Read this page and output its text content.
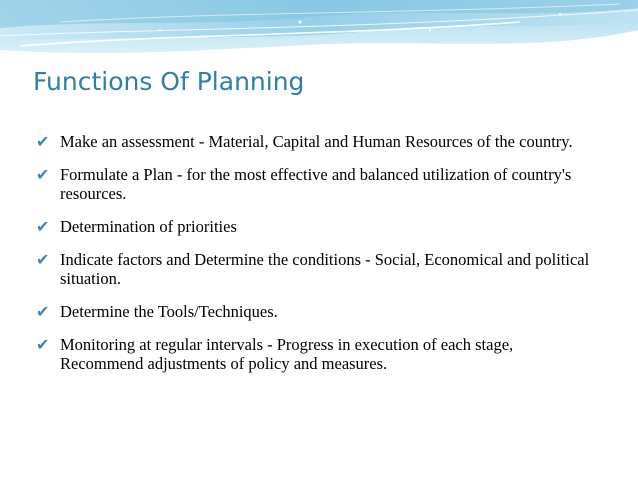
Functions Of Planning
✔ Make an assessment - Material, Capital and Human Resources of the country.
✔ Formulate a Plan - for the most effective and balanced utilization of country's resources.
✔ Determination of priorities
✔ Indicate factors and Determine the conditions - Social, Economical and political situation.
✔ Determine the Tools/Techniques.
✔ Monitoring at regular intervals - Progress in execution of each stage, Recommend adjustments of policy and measures.
